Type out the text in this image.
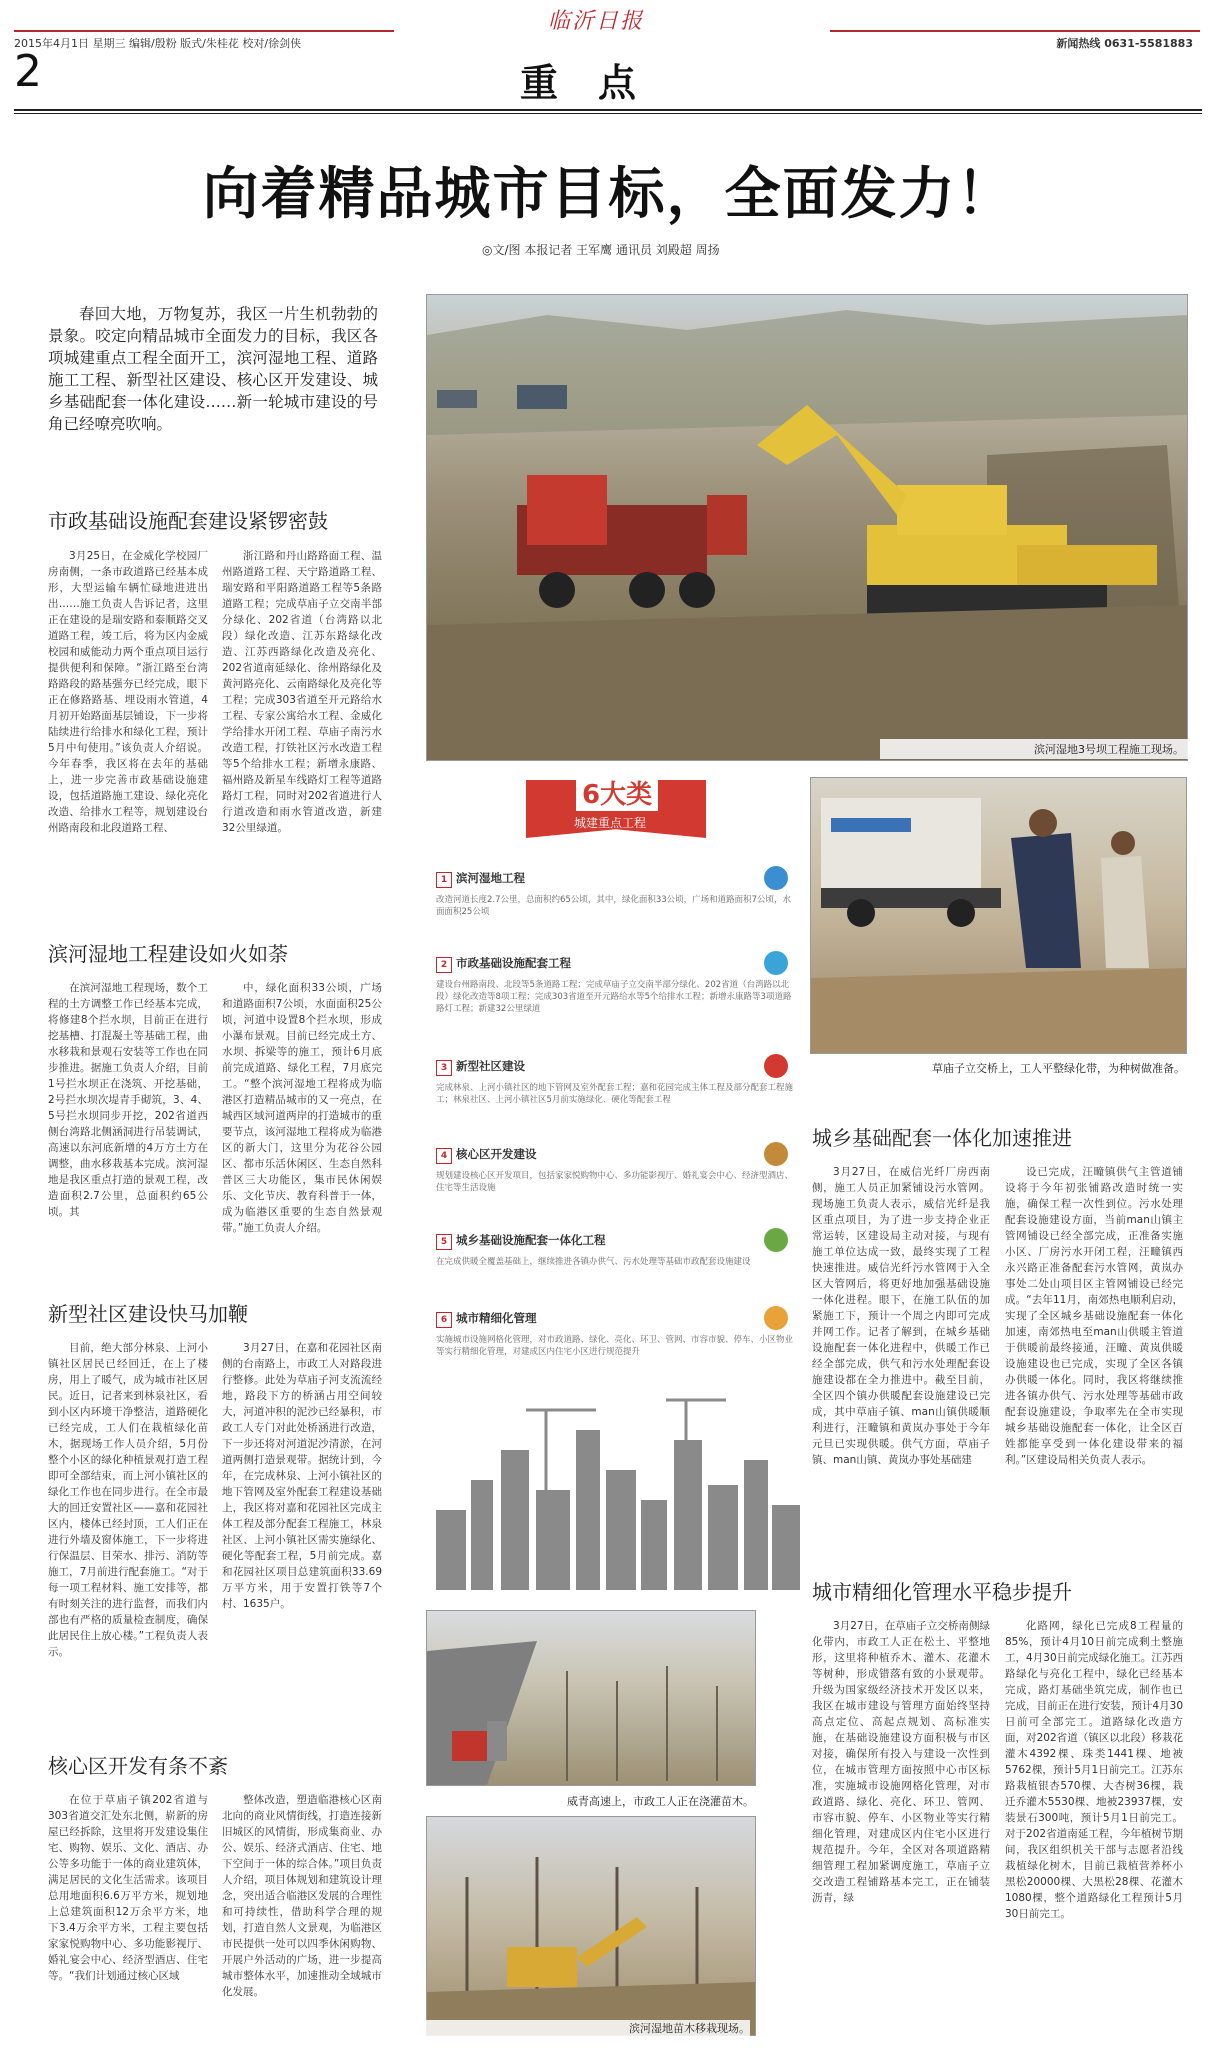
2015年4月1日 星期三 编辑/殷粉 版式/朱桂花 校对/徐剑侠
临沂日报
新闻热线 0631-5581883
2	重点
向着精品城市目标，全面发力！
◎文/图 本报记者 王军鹰 通讯员 刘殿超 周扬
春回大地，万物复苏，我区一片生机勃勃的景象。咬定向精品城市全面发力的目标，我区各项城建重点工程全面开工，滨河湿地工程、道路施工工程、新型社区建设、核心区开发建设、城乡基础配套一体化建设……新一轮城市建设的号角已经嘹亮吹响。
市政基础设施配套建设紧锣密鼓

3月25日，在金威化学校园厂房南侧，一条市政道路已经基本成形，大型运输车辆忙碌地进进出出……施工负责人告诉记者，这里正在建设的是瑞安路和泰顺路交叉道路工程，竣工后，将为区内金威校园和威能动力两个重点项目运行提供便利和保障。“浙江路至台湾路路段的路基强夯已经完成，眼下正在修路路基、埋设雨水管道，4月初开始路面基层铺设，下一步将陆续进行给排水和绿化工程，预计5月中旬使用。”该负责人介绍说。今年春季，我区将在去年的基础上，进一步完善市政基础设施建设，包括道路施工建设、绿化亮化改造、给排水工程等，规划建设台州路南段和北段道路工程、

浙江路和丹山路路面工程、温州路道路工程、天宁路道路工程、瑞安路和平阳路道路工程等5条路道路工程；完成草庙子立交南半部分绿化、202省道（台湾路以北段）绿化改造、江苏东路绿化改造、江苏西路绿化改造及亮化、202省道南延绿化、徐州路绿化及黄河路亮化、云南路绿化及亮化等工程；完成303省道至开元路给水工程、专家公寓给水工程、金威化学给排水开闭工程、草庙子南污水改造工程，打铁社区污水改造工程等5个给排水工程；新增永康路、福州路及新星车线路灯工程等道路路灯工程，同时对202省道进行人行道改造和雨水管道改造，新建32公里绿道。

滨河湿地工程建设如火如荼

在滨河湿地工程现场，数个工程的土方调整工作已经基本完成，将修建8个拦水坝，目前正在进行挖基槽、打混凝土等基础工程，曲水移栽和景观石安装等工作也在同步推进。据施工负责人介绍，目前1号拦水坝正在浇筑、开挖基础，2号拦水坝次堤青手砌筑，3、4、5号拦水坝同步开挖，202省道西侧台湾路北侧涵洞进行吊装调试，高速以东河底新增的4万方土方在调整，曲水移栽基本完成。滨河湿地是我区重点打造的景观工程，改造面积2.7公里，总面积约65公顷。其

中，绿化面积33公顷，广场和道路面积7公顷，水面面积25公顷，河道中设置8个拦水坝，形成小瀑布景观。目前已经完成土方、水坝、拆梁等的施工，预计6月底前完成道路、绿化工程，7月底完工。“整个滨河湿地工程将成为临港区打造精品城市的又一亮点，在城西区域河道两岸的打造城市的重要节点，该河湿地工程将成为临港区的新大门，这里分为花谷公园区、都市乐活休闲区、生态自然科普区三大功能区，集市民休闲娱乐、文化节庆、教育科普于一体，成为临港区重要的生态自然景观带。”施工负责人介绍。

新型社区建设快马加鞭

目前，绝大部分林泉、上河小镇社区居民已经回迁，在上了楼房，用上了暖气，成为城市社区居民。近日，记者来到林泉社区，看到小区内环境干净整洁，道路硬化已经完成，工人们在栽植绿化苗木，据现场工作人员介绍，5月份整个小区的绿化种植景观打造工程即可全部结束，而上河小镇社区的绿化工作也在同步进行。在全市最大的回迁安置社区——嘉和花园社区内，楼体已经封顶，工人们正在进行外墙及窗体施工，下一步将进行保温层、目荣水、排污、消防等施工，7月前进行配套施工。“对于每一项工程材料、施工安排等，都有时刻关注的进行监督，而我们内部也有严格的质量检查制度，确保此居民住上放心楼。”工程负责人表示。

3月27日，在嘉和花园社区南侧的台南路上，市政工人对路段进行整修。此处为草庙子河支流流经地，路段下方的桥涵占用空间较大，河道冲积的泥沙已经暴积，市政工人专门对此处桥涵进行改造，下一步还将对河道泥沙清淤，在河道两侧打造景观带。据统计到，今年，在完成林泉、上河小镇社区的地下管网及室外配套工程建设基础上，我区将对嘉和花园社区完成主体工程及部分配套工程施工，林泉社区、上河小镇社区需实施绿化、硬化等配套工程，5月前完成。嘉和花园社区项目总建筑面积33.69万平方米，用于安置打铁等7个村、1635户。

核心区开发有条不紊

在位于草庙子镇202省道与303省道交汇处东北侧，崭新的房屋已经拆除，这里将开发建设集住宅、购物、娱乐、文化、酒店、办公等多功能于一体的商业建筑体，满足居民的文化生活需求。该项目总用地面积6.6万平方米，规划地上总建筑面积12万余平方米，地下3.4万余平方米，工程主要包括家家悦购物中心、多功能影视厅、婚礼宴会中心、经济型酒店、住宅等。“我们计划通过核心区域

整体改造，塑造临港核心区南北向的商业风情街线，打造连接新旧城区的风情街，形成集商业、办公、娱乐、经济式酒店、住宅、地下空间于一体的综合体。”项目负责人介绍，项目体规划和建筑设计理念，突出适合临港区发展的合理性和可持续性，借助科学合理的规划，打造自然人文景观，为临港区市民提供一处可以四季休闲购物、开展户外活动的广场，进一步提高城市整体水平，加速推动全域城市化发展。

滨河湿地3号坝工程施工现场。
6大类
城建重点工程
1 滨河湿地工程
改造河道长度2.7公里，总面积约65公顷，其中，绿化面积33公顷，广场和道路面积7公顷，水面面积25公顷
2 市政基础设施配套工程
建设台州路南段、北段等5条道路工程；完成草庙子立交南半部分绿化、202省道（台湾路以北段）绿化改造等8项工程；完成303省道至开元路给水等5个给排水工程；新增永康路等3项道路路灯工程；新建32公里绿道
3 新型社区建设
完成林泉、上河小镇社区的地下管网及室外配套工程；嘉和花园完成主体工程及部分配套工程施工；林泉社区、上河小镇社区5月前实施绿化、硬化等配套工程
4 核心区开发建设
规划建设核心区开发项目，包括家家悦购物中心、多功能影视厅、婚礼宴会中心、经济型酒店、住宅等生活设施
5 城乡基础设施配套一体化工程
在完成供暖全覆盖基础上，继续推进各镇办供气、污水处理等基础市政配套设施建设
6 城市精细化管理
实施城市设施网格化管理，对市政道路、绿化、亮化、环卫、管网、市容市貌、停车、小区物业等实行精细化管理，对建成区内住宅小区进行规范提升
草庙子立交桥上，工人平整绿化带，为种树做准备。
城乡基础配套一体化加速推进

3月27日，在威信光纤厂房西南侧，施工人员正加紧铺设污水管网。现场施工负责人表示，威信光纤是我区重点项目，为了进一步支持企业正常运转，区建设局主动对接，与现有施工单位达成一致，最终实现了工程快速推进。威信光纤污水管网于入全区大管网后，将更好地加强基础设施一体化进程。眼下，在施工队伍的加紧施工下，预计一个周之内即可完成并网工作。记者了解到，在城乡基础设施配套一体化进程中，供暖工作已经全部完成，供气和污水处理配套设施建设都在全力推进中。截至目前，全区四个镇办供暖配套设施建设已完成，其中草庙子镇、man山镇供暖顺利进行，汪疃镇和黄岚办事处于今年元旦已实现供暖。供气方面，草庙子镇、man山镇、黄岚办事处基础建

设已完成，汪疃镇供气主管道铺设将于今年初张铺路改造时统一实施，确保工程一次性到位。污水处理配套设施建设方面，当前man山镇主管网铺设已经全部完成，正准备实施小区、厂房污水开闭工程，汪疃镇西永兴路正准备配套污水管网，黄岚办事处二处山项目区主管网铺设已经完成。“去年11月，南郊热电顺利启动，实现了全区城乡基础设施配套一体化加速，南郊热电至man山供暖主管道于供暖前最终接通，汪疃、黄岚供暖设施建设也已完成，实现了全区各镇办供暖一体化。同时，我区将继续推进各镇办供气、污水处理等基础市政配套设施建设，争取率先在全市实现城乡基础设施配套一体化，让全区百姓都能享受到一体化建设带来的福利。”区建设局相关负责人表示。

城市精细化管理水平稳步提升

3月27日，在草庙子立交桥南侧绿化带内，市政工人正在松土、平整地形，这里将种植乔木、灌木、花灌木等树种，形成错落有致的小景观带。升级为国家级经济技术开发区以来，我区在城市建设与管理方面始终坚持高点定位、高起点规划、高标准实施，在基础设施建设方面积极与市区对接，确保所有投入与建设一次性到位，在城市管理方面按照中心市区标准，实施城市设施网格化管理，对市政道路、绿化、亮化、环卫、管网、市容市貌、停车、小区物业等实行精细化管理，对建成区内住宅小区进行规范提升。今年，全区对各项道路精细管理工程加紧调度施工，草庙子立交改造工程铺路基本完工，正在铺装沥青，绿

化路网，绿化已完成8工程量的85%，预计4月10日前完成剩土整施工，4月30日前完成绿化施工。江苏西路绿化与亮化工程中，绿化已经基本完成，路灯基础坐筑完成，制作也已完成，目前正在进行安装，预计4月30日前可全部完工。道路绿化改造方面，对202省道（镇区以北段）移栽花灌木4392棵、珠类1441棵、地被5762棵，预计5月1日前完工。江苏东路栽植银杏570棵、大杏树36棵，栽迁乔灌木5530棵、地被23937棵，安装景石300吨，预计5月1日前完工。对于202省道南延工程，今年植树节期间，我区组织机关干部与志愿者沿线栽植绿化树木，目前已栽植营养杯小黑松20000棵、大黑松28棵、花灌木1080棵，整个道路绿化工程预计5月30日前完工。

威青高速上，市政工人正在浇灌苗木。
滨河湿地苗木移栽现场。
